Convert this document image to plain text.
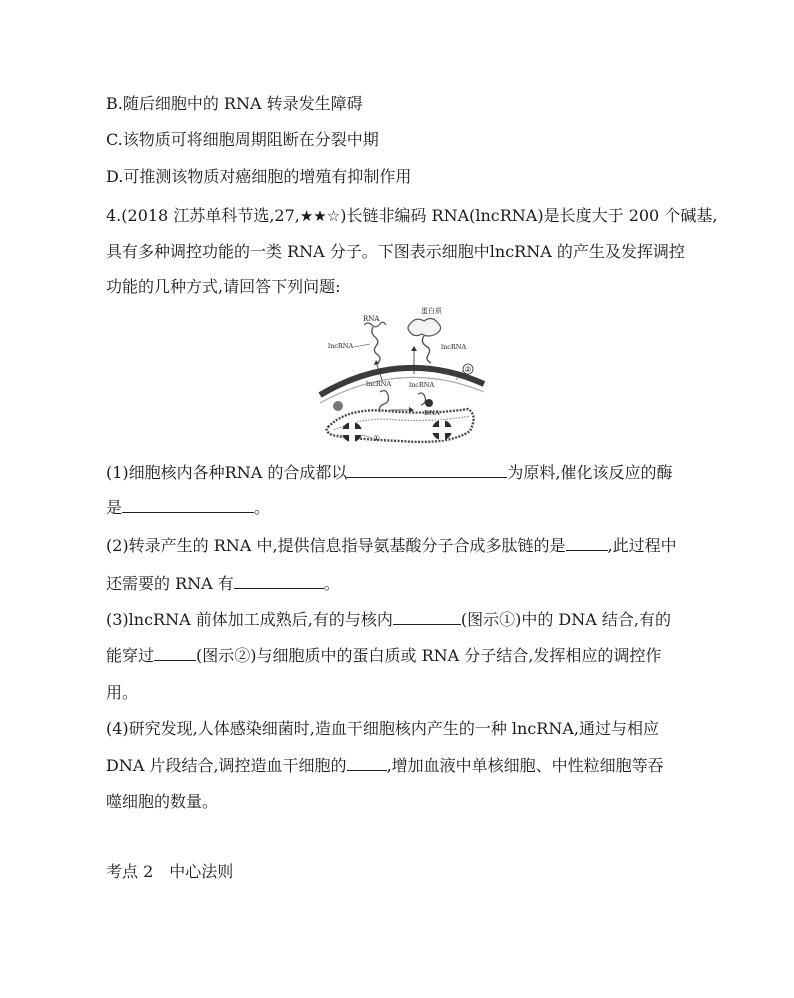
B.随后细胞中的 RNA 转录发生障碍
C.该物质可将细胞周期阻断在分裂中期
D.可推测该物质对癌细胞的增殖有抑制作用
4.(2018 江苏单科节选,27,★★☆)长链非编码 RNA(lncRNA)是长度大于 200 个碱基,
具有多种调控功能的一类 RNA 分子。下图表示细胞中lncRNA 的产生及发挥调控
功能的几种方式,请回答下列问题:
②
RNA
lncRNA
蛋白质
lncRNA
lncRNA	lncRNA
DNA
①
(1)细胞核内各种RNA 的合成都以	为原料,催化该反应的酶
是	。
(2)转录产生的 RNA 中,提供信息指导氨基酸分子合成多肽链的是	,此过程中
还需要的 RNA 有	。
(3)lncRNA 前体加工成熟后,有的与核内	(图示①)中的 DNA 结合,有的
能穿过	(图示②)与细胞质中的蛋白质或 RNA 分子结合,发挥相应的调控作
用。
(4)研究发现,人体感染细菌时,造血干细胞核内产生的一种 lncRNA,通过与相应
DNA 片段结合,调控造血干细胞的	,增加血液中单核细胞、中性粒细胞等吞
噬细胞的数量。
考点 2　中心法则
